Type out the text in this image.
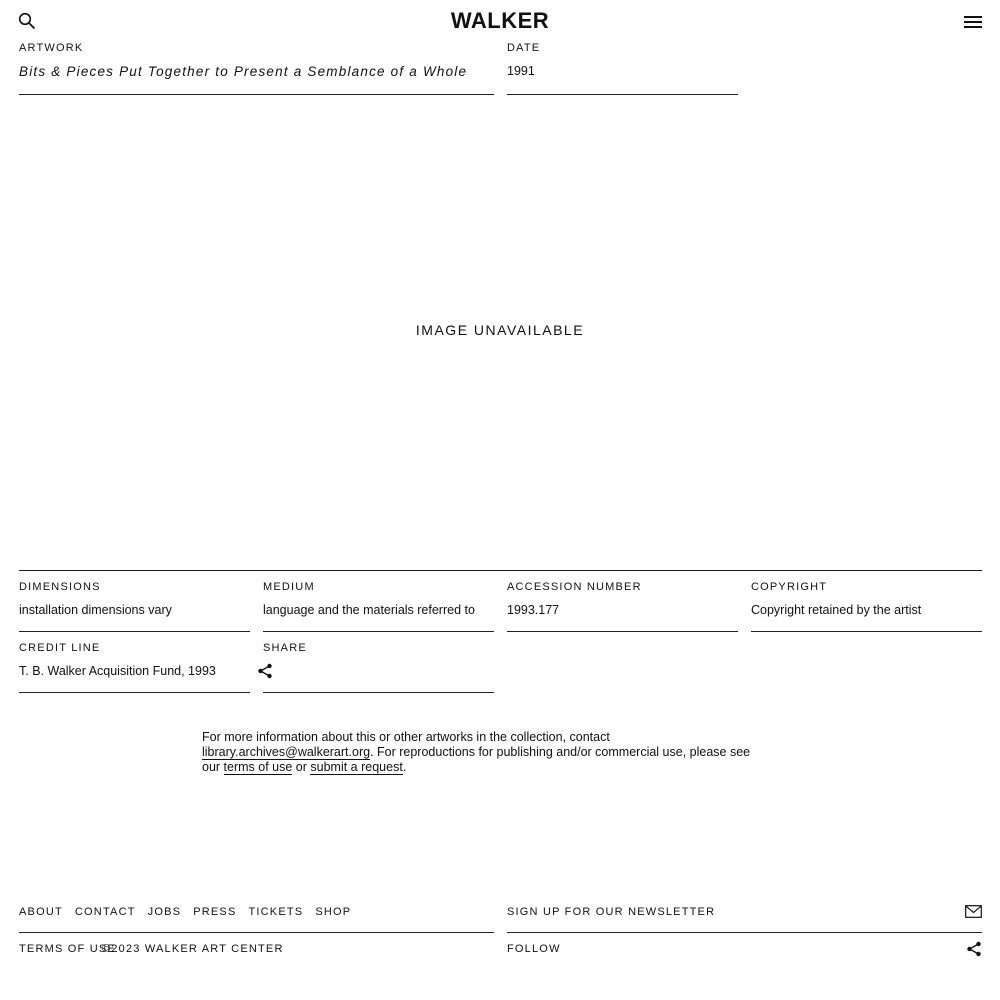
WALKER
ARTWORK
Bits & Pieces Put Together to Present a Semblance of a Whole
DATE
1991
IMAGE UNAVAILABLE
DIMENSIONS
installation dimensions vary
MEDIUM
language and the materials referred to
ACCESSION NUMBER
1993.177
COPYRIGHT
Copyright retained by the artist
CREDIT LINE
T. B. Walker Acquisition Fund, 1993
SHARE
For more information about this or other artworks in the collection, contact library.archives@walkerart.org. For reproductions for publishing and/or commercial use, please see our terms of use or submit a request.
ABOUT CONTACT JOBS PRESS TICKETS SHOP	SIGN UP FOR OUR NEWSLETTER
TERMS OF USE
©2023 WALKER ART CENTER	FOLLOW
